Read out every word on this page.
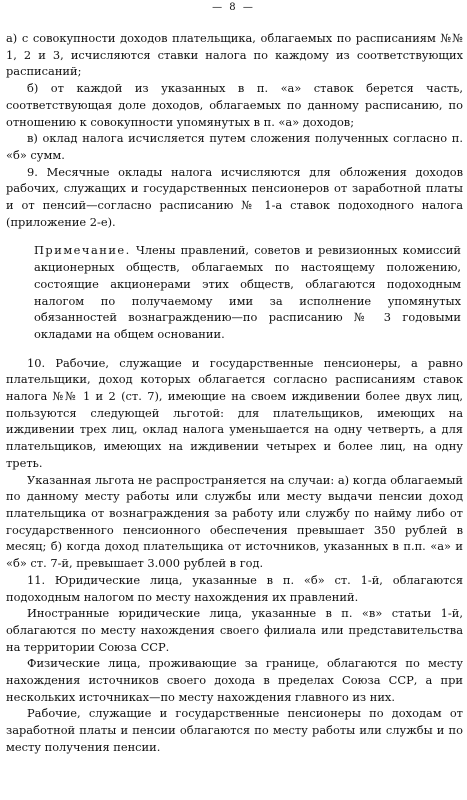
— 8 —

а) с совокупности доходов плательщика, облагаемых по расписаниям №№ 1, 2 и 3, исчисляются ставки налога по каждому из соответствующих расписаний;

б) от каждой из указанных в п. «а» ставок берется часть, соответствующая доле доходов, облагаемых по данному расписанию, по отношению к совокупности упомянутых в п. «а» доходов;

в) оклад налога исчисляется путем сложения полученных согласно п. «б» сумм.

9. Месячные оклады налога исчисляются для обложения доходов рабочих, служащих и государственных пенсионеров от заработной платы и от пенсий—согласно расписанию № 1-а ставок подоходного налога (приложение 2-е).

Примечание. Члены правлений, советов и ревизионных комиссий акционерных обществ, облагаемых по настоящему положению, состоящие акционерами этих обществ, облагаются подоходным налогом по получаемому ими за исполнение упомянутых обязанностей вознаграждению—по расписанию № 3 годовыми окладами на общем основании.

10. Рабочие, служащие и государственные пенсионеры, а равно плательщики, доход которых облагается согласно расписаниям ставок налога №№ 1 и 2 (ст. 7), имеющие на своем иждивении более двух лиц, пользуются следующей льготой: для плательщиков, имеющих на иждивении трех лиц, оклад налога уменьшается на одну четверть, а для плательщиков, имеющих на иждивении четырех и более лиц, на одну треть.

Указанная льгота не распространяется на случаи: а) когда облагаемый по данному месту работы или службы или месту выдачи пенсии доход плательщика от вознаграждения за работу или службу по найму либо от государственного пенсионного обеспечения превышает 350 рублей в месяц; б) когда доход плательщика от источников, указанных в п.п. «а» и «б» ст. 7-й, превышает 3.000 рублей в год.

11. Юридические лица, указанные в п. «б» ст. 1-й, облагаются подоходным налогом по месту нахождения их правлений.

Иностранные юридические лица, указанные в п. «в» статьи 1-й, облагаются по месту нахождения своего филиала или представительства на территории Союза ССР.

Физические лица, проживающие за границе, облагаются по месту нахождения источников своего дохода в пределах Союза ССР, а при нескольких источниках—по месту нахождения главного из них.

Рабочие, служащие и государственные пенсионеры по доходам от заработной платы и пенсии облагаются по месту работы или службы и по месту получения пенсии.
